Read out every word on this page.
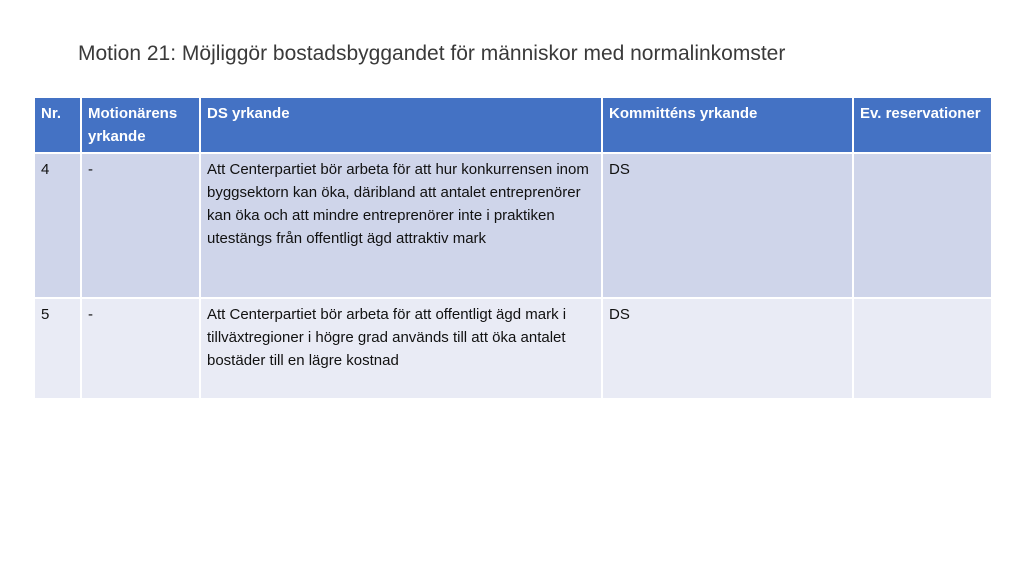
Motion 21: Möjliggör bostadsbyggandet för människor med normalinkomster
Nr.	Motionärens yrkande	DS yrkande	Kommitténs yrkande	Ev. reservationer
4	-	Att Centerpartiet bör arbeta för att hur konkurrensen inom byggsektorn kan öka, däribland att antalet entreprenörer kan öka och att mindre entreprenörer inte i praktiken utestängs från offentligt ägd attraktiv mark	DS	
5	-	Att Centerpartiet bör arbeta för att offentligt ägd mark i tillväxtregioner i högre grad används till att öka antalet bostäder till en lägre kostnad	DS	
